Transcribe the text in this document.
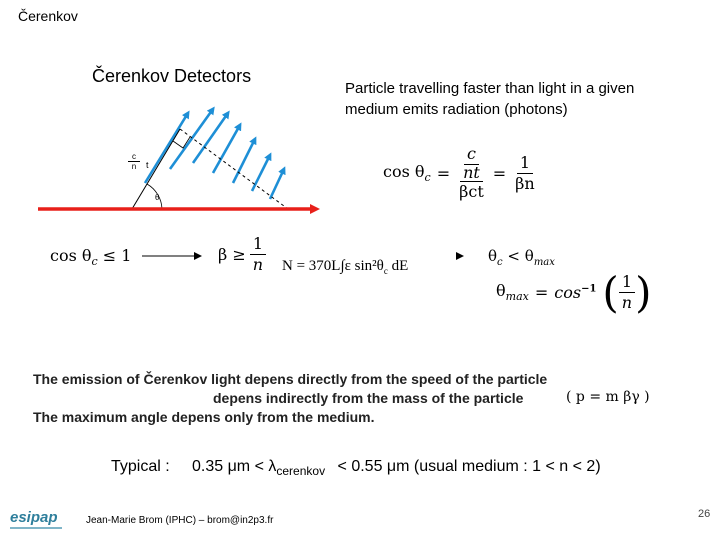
Čerenkov
Čerenkov Detectors
Particle travelling faster than light in a given medium emits radiation (photons)
c
n	t
θ
$\cos \theta_c$ =
c
nt
βct
= $\frac{1}{\beta n}$
$\cos \theta_c \le 1$	$\beta \ge \frac{1}{n}$ N = 370L∫ε $\sin^2\theta_c$ dE
$\theta_c < \theta_{max}$
$\theta_{max} = \cos^{-1}$ ( $\frac{1}{n}$ )
The emission of Čerenkov light depens directly from the speed of the particle
depens indirectly from the mass of the particle	( p = m βγ )
The maximum angle depens only from the medium.
Typical : 0.35 $\mu m < \lambda_{cerenkov} < 0.55$ μm (usual medium : 1 < n < 2)
esipap	Jean-Marie Brom (IPHC) – brom@in2p3.fr
26
